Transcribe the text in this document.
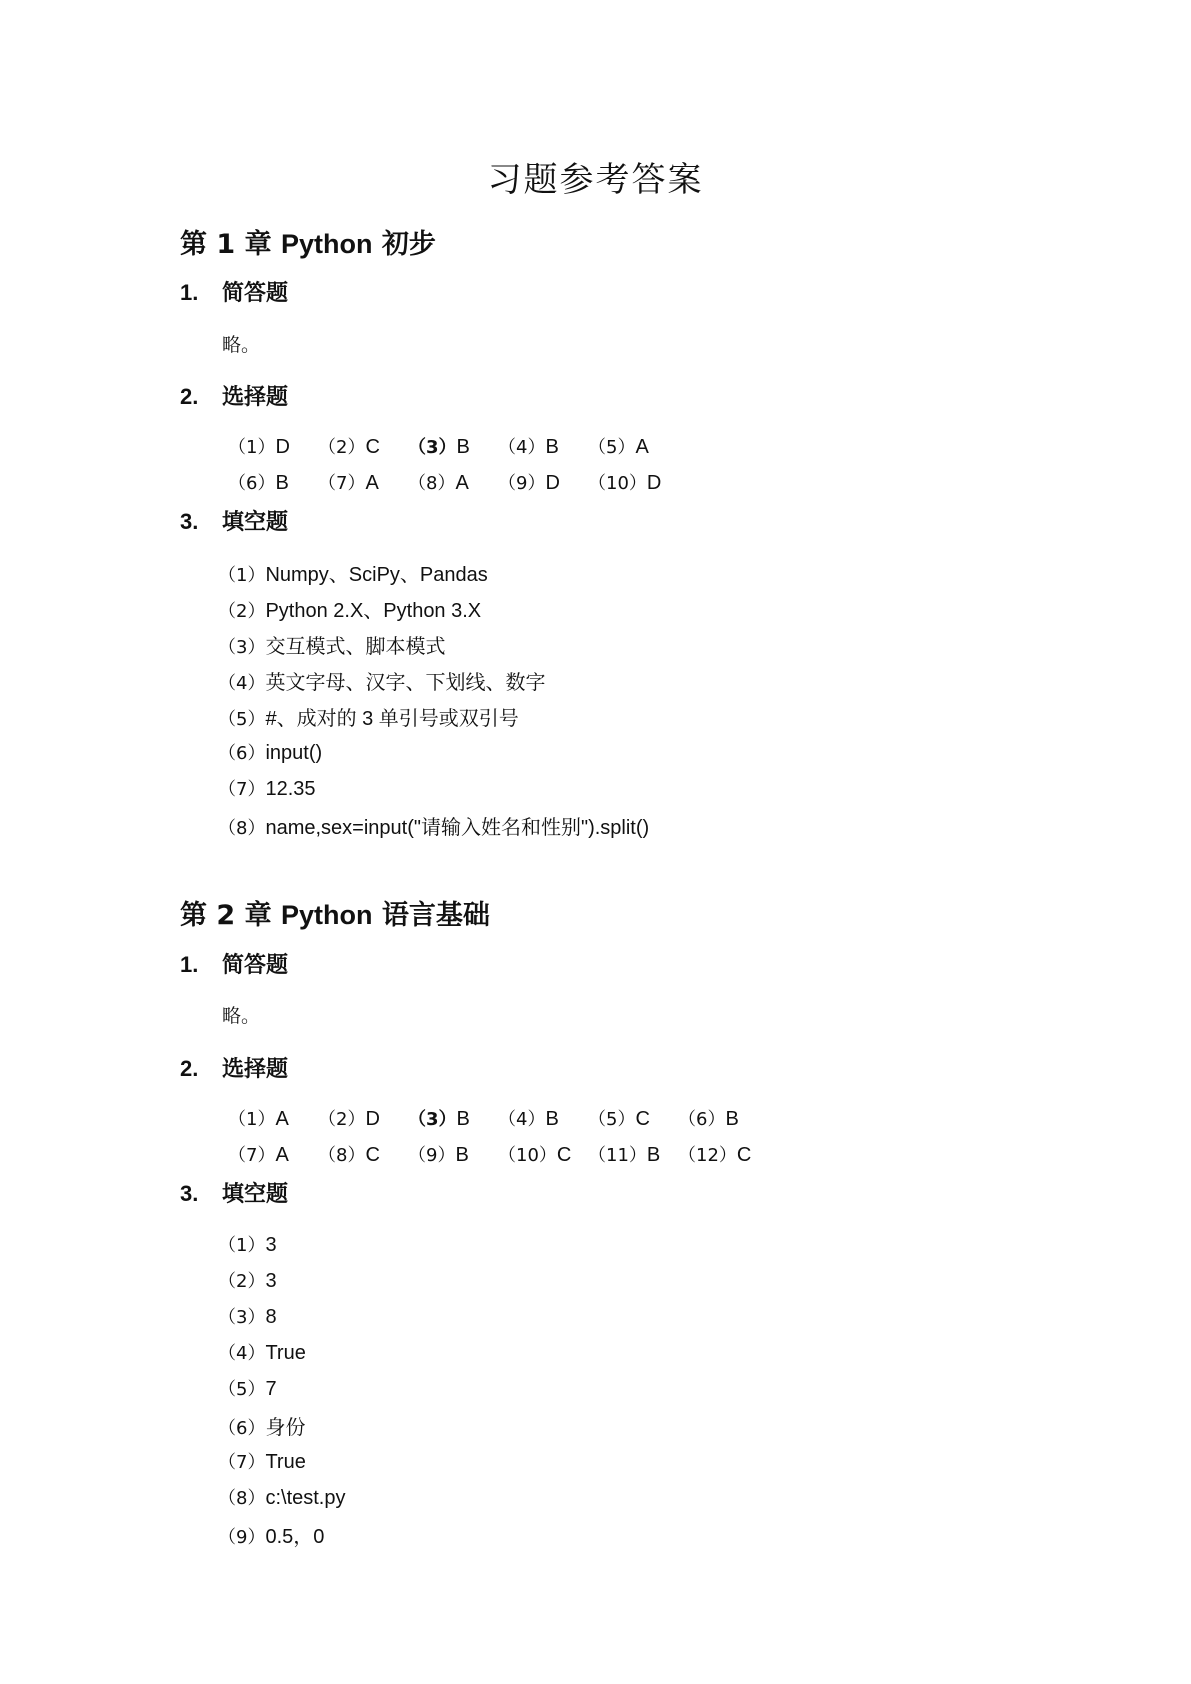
习题参考答案
第 1 章 Python 初步
1. 简答题
略。
2. 选择题
（1）D （2）C （3）B （4）B （5）A
（6）B （7）A （8）A （9）D （10）D
3. 填空题
（1）Numpy、SciPy、Pandas
（2）Python 2.X、Python 3.X
（3）交互模式、脚本模式
（4）英文字母、汉字、下划线、数字
（5）#、成对的 3 单引号或双引号
（6）input()
（7）12.35
（8）name,sex=input("请输入姓名和性别").split()
第 2 章 Python 语言基础
1. 简答题
略。
2. 选择题
（1）A （2）D （3）B （4）B （5）C （6）B
（7）A （8）C （9）B （10）C （11）B （12）C
3. 填空题
（1）3
（2）3
（3）8
（4）True
（5）7
（6）身份
（7）True
（8）c:\test.py
（9）0.5，0
